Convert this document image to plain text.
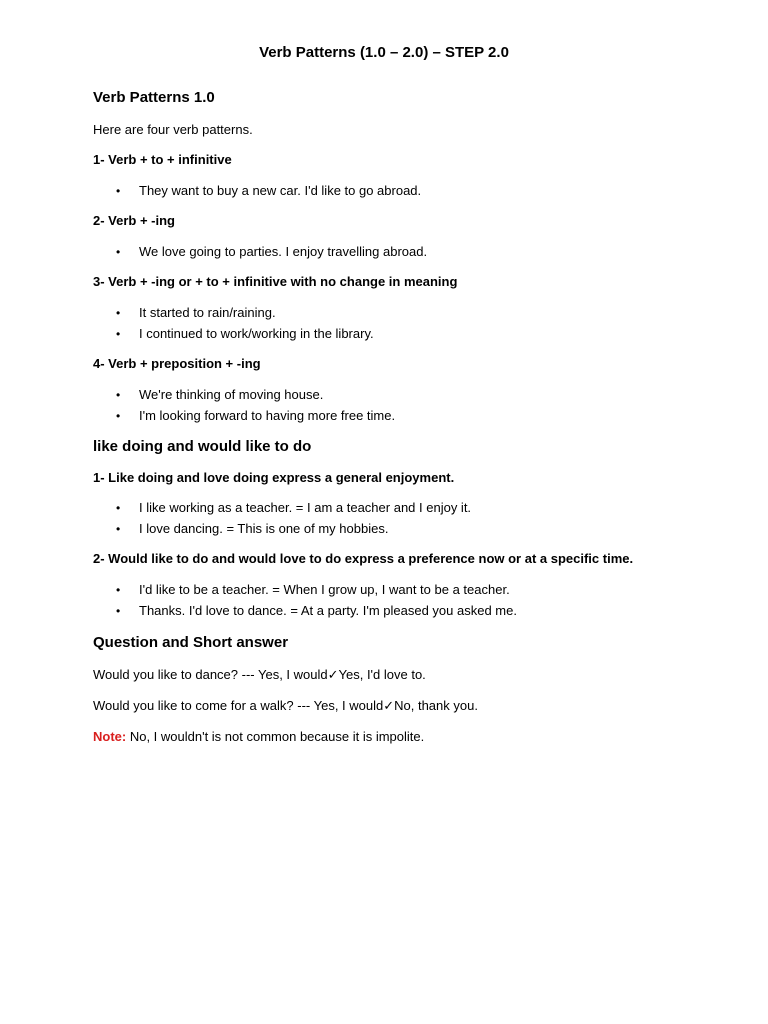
Verb Patterns (1.0 – 2.0) – STEP 2.0
Verb Patterns 1.0

Here are four verb patterns.

1- Verb + to + infinitive

• They want to buy a new car. I'd like to go abroad.

2- Verb + -ing

• We love going to parties. I enjoy travelling abroad.

3- Verb + -ing or + to + infinitive with no change in meaning

• It started to rain/raining.

• I continued to work/working in the library.

4- Verb + preposition + -ing

• We're thinking of moving house.

• I'm looking forward to having more free time.

like doing and would like to do

1- Like doing and love doing express a general enjoyment.

• I like working as a teacher. = I am a teacher and I enjoy it.

• I love dancing. = This is one of my hobbies.

2- Would like to do and would love to do express a preference now or at a specific time.

• I'd like to be a teacher. = When I grow up, I want to be a teacher.

• Thanks. I'd love to dance. = At a party. I'm pleased you asked me.

Question and Short answer

Would you like to dance? --- Yes, I would✓Yes, I'd love to.

Would you like to come for a walk? --- Yes, I would✓No, thank you.

Note: No, I wouldn't is not common because it is impolite.
